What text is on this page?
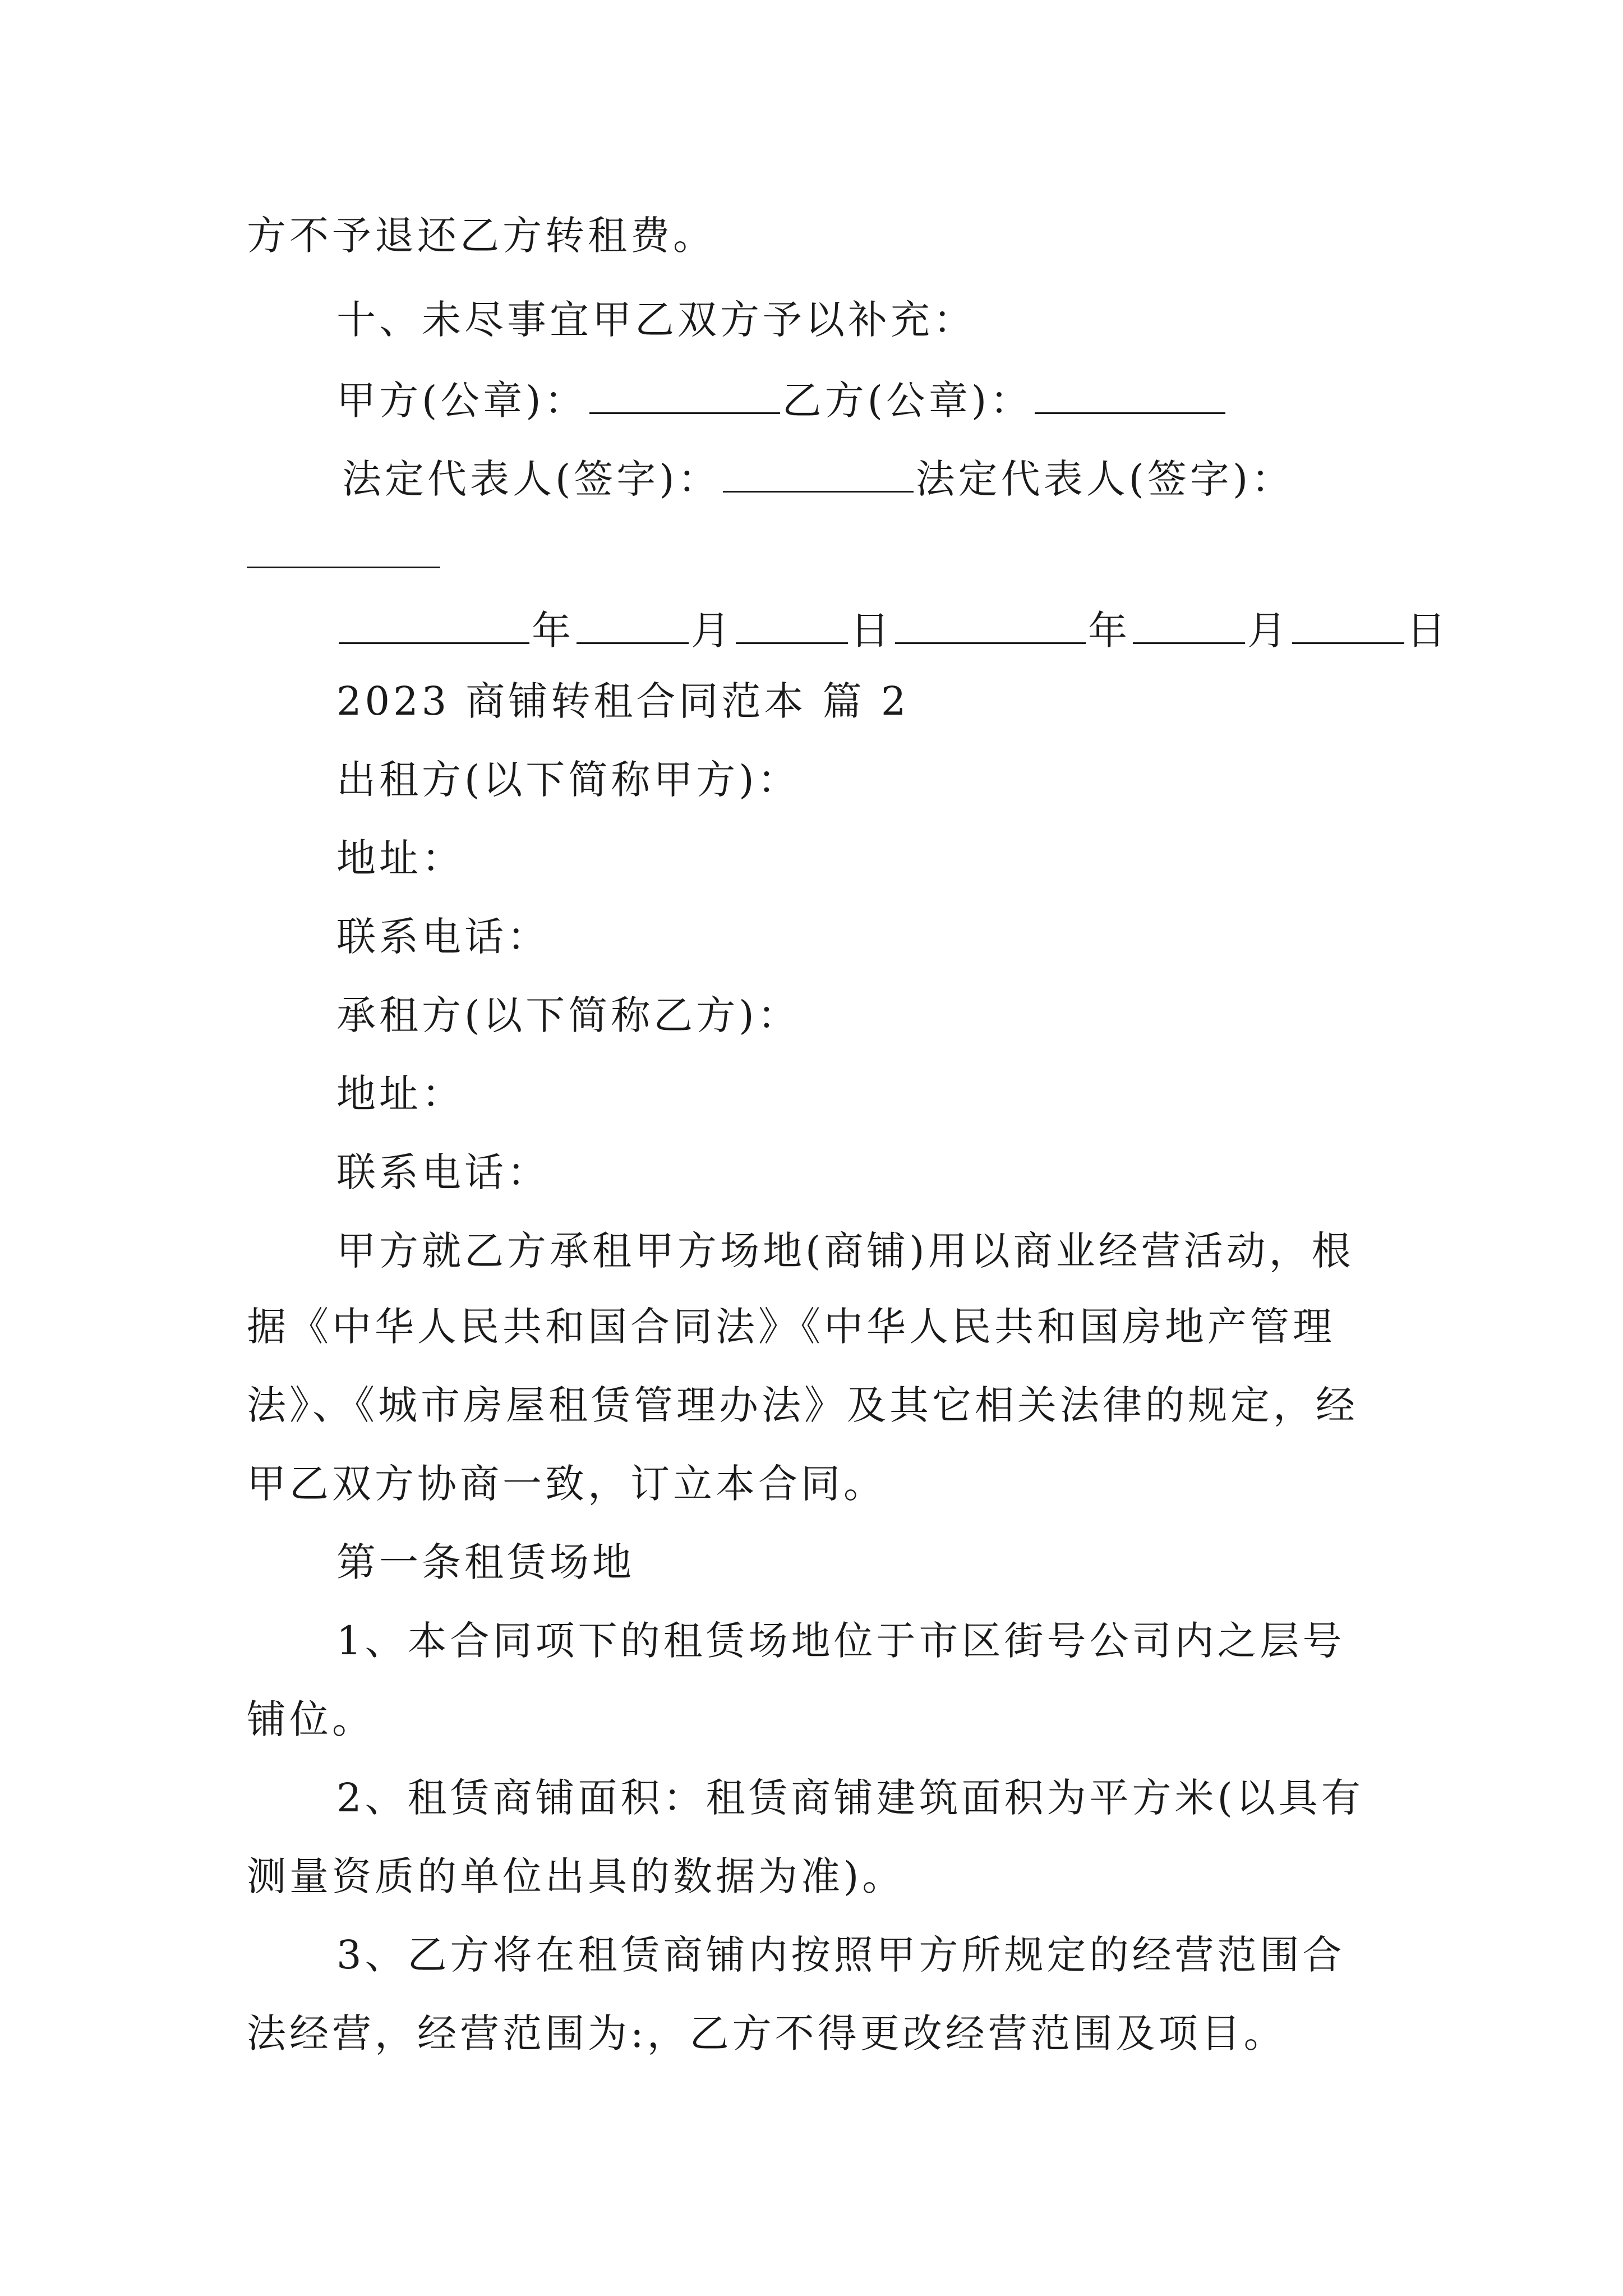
方不予退还乙方转租费。
十、未尽事宜甲乙双方予以补充：
甲方(公章)：	乙方(公章)：
法定代表人(签字)：	法定代表人(签字)：
年	月	日	年	月	日
2023 商铺转租合同范本 篇 2
出租方(以下简称甲方)：
地址：
联系电话：
承租方(以下简称乙方)：
地址：
联系电话：
甲方就乙方承租甲方场地(商铺)用以商业经营活动，根
据《中华人民共和国合同法》《中华人民共和国房地产管理
法》、《城市房屋租赁管理办法》及其它相关法律的规定，经
甲乙双方协商一致，订立本合同。
第一条租赁场地
1、本合同项下的租赁场地位于市区街号公司内之层号
铺位。
2、租赁商铺面积：租赁商铺建筑面积为平方米(以具有
测量资质的单位出具的数据为准)。
3、乙方将在租赁商铺内按照甲方所规定的经营范围合
法经营，经营范围为:，乙方不得更改经营范围及项目。
